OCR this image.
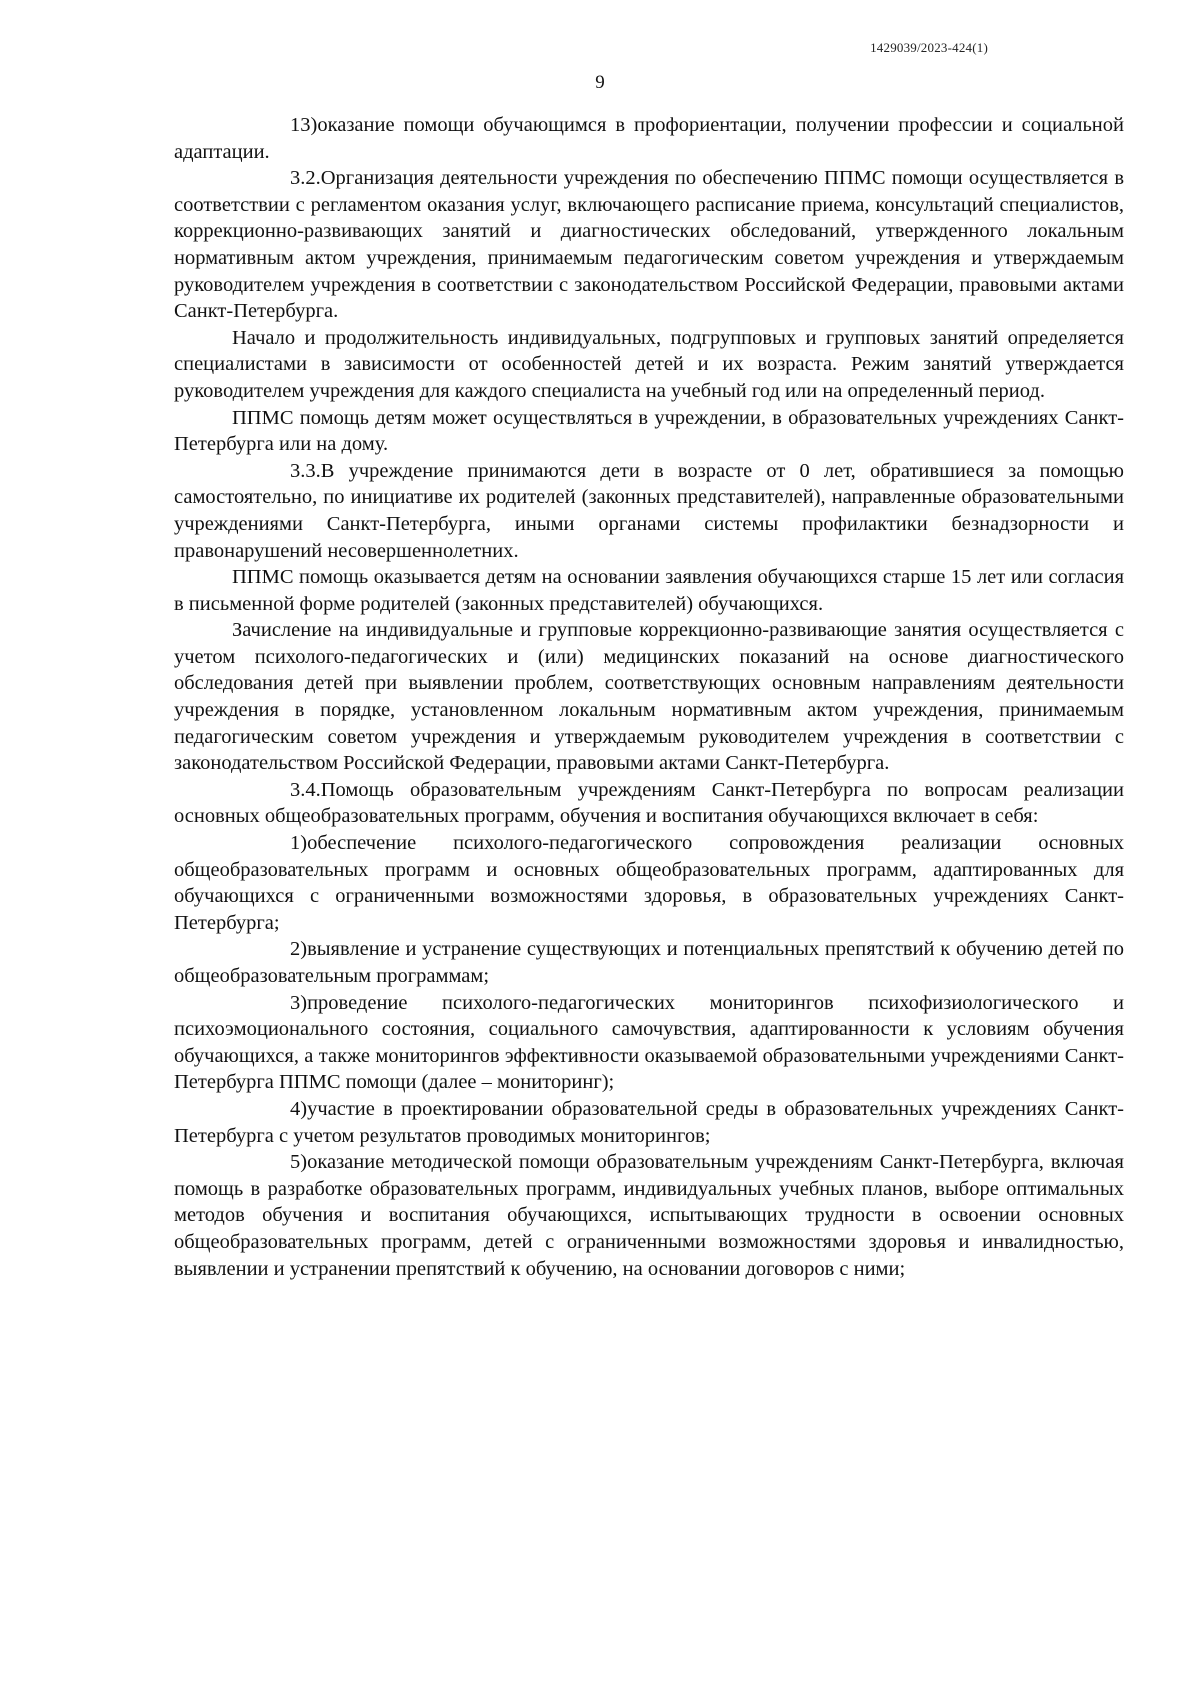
1429039/2023-424(1)
9

13)оказание помощи обучающимся в профориентации, получении профессии и социальной адаптации.

3.2.Организация деятельности учреждения по обеспечению ППМС помощи осуществляется в соответствии с регламентом оказания услуг, включающего расписание приема, консультаций специалистов, коррекционно-развивающих занятий и диагностических обследований, утвержденного локальным нормативным актом учреждения, принимаемым педагогическим советом учреждения и утверждаемым руководителем учреждения в соответствии с законодательством Российской Федерации, правовыми актами Санкт-Петербурга.

Начало и продолжительность индивидуальных, подгрупповых и групповых занятий определяется специалистами в зависимости от особенностей детей и их возраста. Режим занятий утверждается руководителем учреждения для каждого специалиста на учебный год или на определенный период.

ППМС помощь детям может осуществляться в учреждении, в образовательных учреждениях Санкт-Петербурга или на дому.

3.3.В учреждение принимаются дети в возрасте от 0 лет, обратившиеся за помощью самостоятельно, по инициативе их родителей (законных представителей), направленные образовательными учреждениями Санкт-Петербурга, иными органами системы профилактики безнадзорности и правонарушений несовершеннолетних.

ППМС помощь оказывается детям на основании заявления обучающихся старше 15 лет или согласия в письменной форме родителей (законных представителей) обучающихся.

Зачисление на индивидуальные и групповые коррекционно-развивающие занятия осуществляется с учетом психолого-педагогических и (или) медицинских показаний на основе диагностического обследования детей при выявлении проблем, соответствующих основным направлениям деятельности учреждения в порядке, установленном локальным нормативным актом учреждения, принимаемым педагогическим советом учреждения и утверждаемым руководителем учреждения в соответствии с законодательством Российской Федерации, правовыми актами Санкт-Петербурга.

3.4.Помощь образовательным учреждениям Санкт-Петербурга по вопросам реализации основных общеобразовательных программ, обучения и воспитания обучающихся включает в себя:

1)обеспечение психолого-педагогического сопровождения реализации основных общеобразовательных программ и основных общеобразовательных программ, адаптированных для обучающихся с ограниченными возможностями здоровья, в образовательных учреждениях Санкт-Петербурга;

2)выявление и устранение существующих и потенциальных препятствий к обучению детей по общеобразовательным программам;

3)проведение психолого-педагогических мониторингов психофизиологического и психоэмоционального состояния, социального самочувствия, адаптированности к условиям обучения обучающихся, а также мониторингов эффективности оказываемой образовательными учреждениями Санкт-Петербурга ППМС помощи (далее – мониторинг);

4)участие в проектировании образовательной среды в образовательных учреждениях Санкт-Петербурга с учетом результатов проводимых мониторингов;

5)оказание методической помощи образовательным учреждениям Санкт-Петербурга, включая помощь в разработке образовательных программ, индивидуальных учебных планов, выборе оптимальных методов обучения и воспитания обучающихся, испытывающих трудности в освоении основных общеобразовательных программ, детей с ограниченными возможностями здоровья и инвалидностью, выявлении и устранении препятствий к обучению, на основании договоров с ними;
